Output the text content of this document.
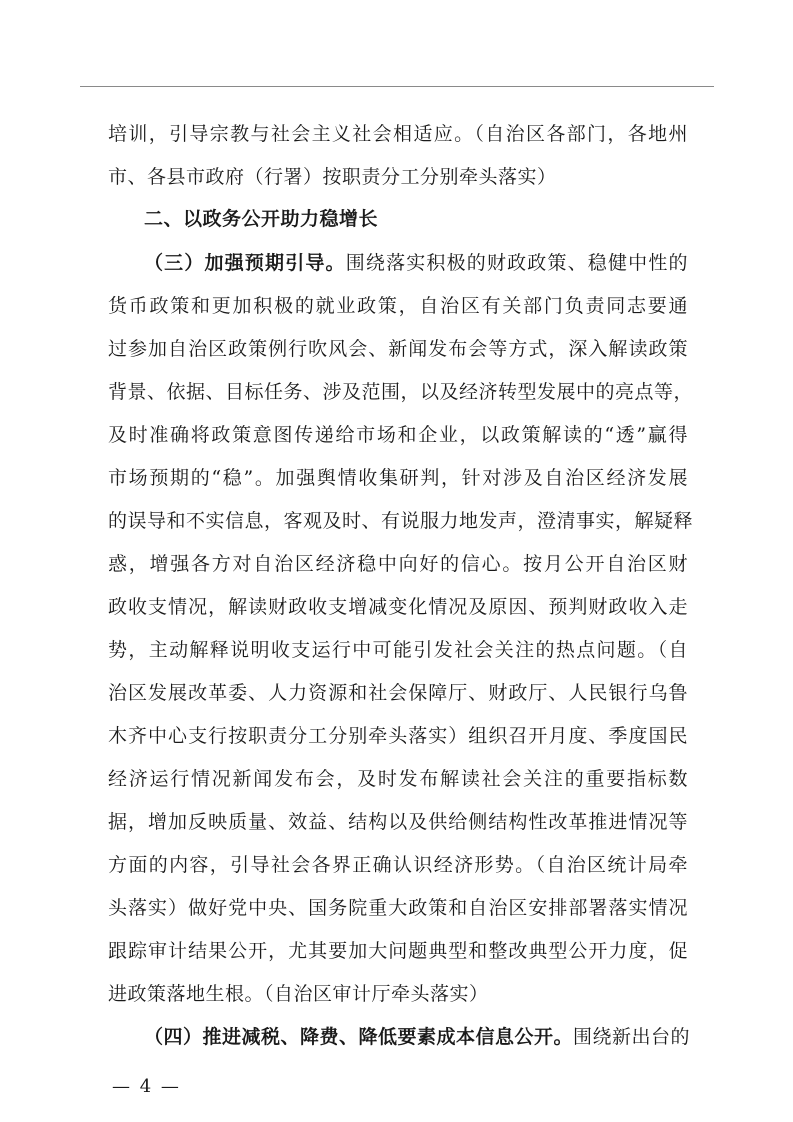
培训，引导宗教与社会主义社会相适应。（自治区各部门，各地州
市、各县市政府（行署）按职责分工分别牵头落实）
二、以政务公开助力稳增长
（三）加强预期引导。围绕落实积极的财政政策、稳健中性的
货币政策和更加积极的就业政策，自治区有关部门负责同志要通
过参加自治区政策例行吹风会、新闻发布会等方式，深入解读政策
背景、依据、目标任务、涉及范围，以及经济转型发展中的亮点等，
及时准确将政策意图传递给市场和企业，以政策解读的“透”赢得
市场预期的“稳”。加强舆情收集研判，针对涉及自治区经济发展
的误导和不实信息，客观及时、有说服力地发声，澄清事实，解疑释
惑，增强各方对自治区经济稳中向好的信心。按月公开自治区财
政收支情况，解读财政收支增减变化情况及原因、预判财政收入走
势，主动解释说明收支运行中可能引发社会关注的热点问题。（自
治区发展改革委、人力资源和社会保障厅、财政厅、人民银行乌鲁
木齐中心支行按职责分工分别牵头落实）组织召开月度、季度国民
经济运行情况新闻发布会，及时发布解读社会关注的重要指标数
据，增加反映质量、效益、结构以及供给侧结构性改革推进情况等
方面的内容，引导社会各界正确认识经济形势。（自治区统计局牵
头落实）做好党中央、国务院重大政策和自治区安排部署落实情况
跟踪审计结果公开，尤其要加大问题典型和整改典型公开力度，促
进政策落地生根。（自治区审计厅牵头落实）
（四）推进减税、降费、降低要素成本信息公开。围绕新出台的
— 4 —
